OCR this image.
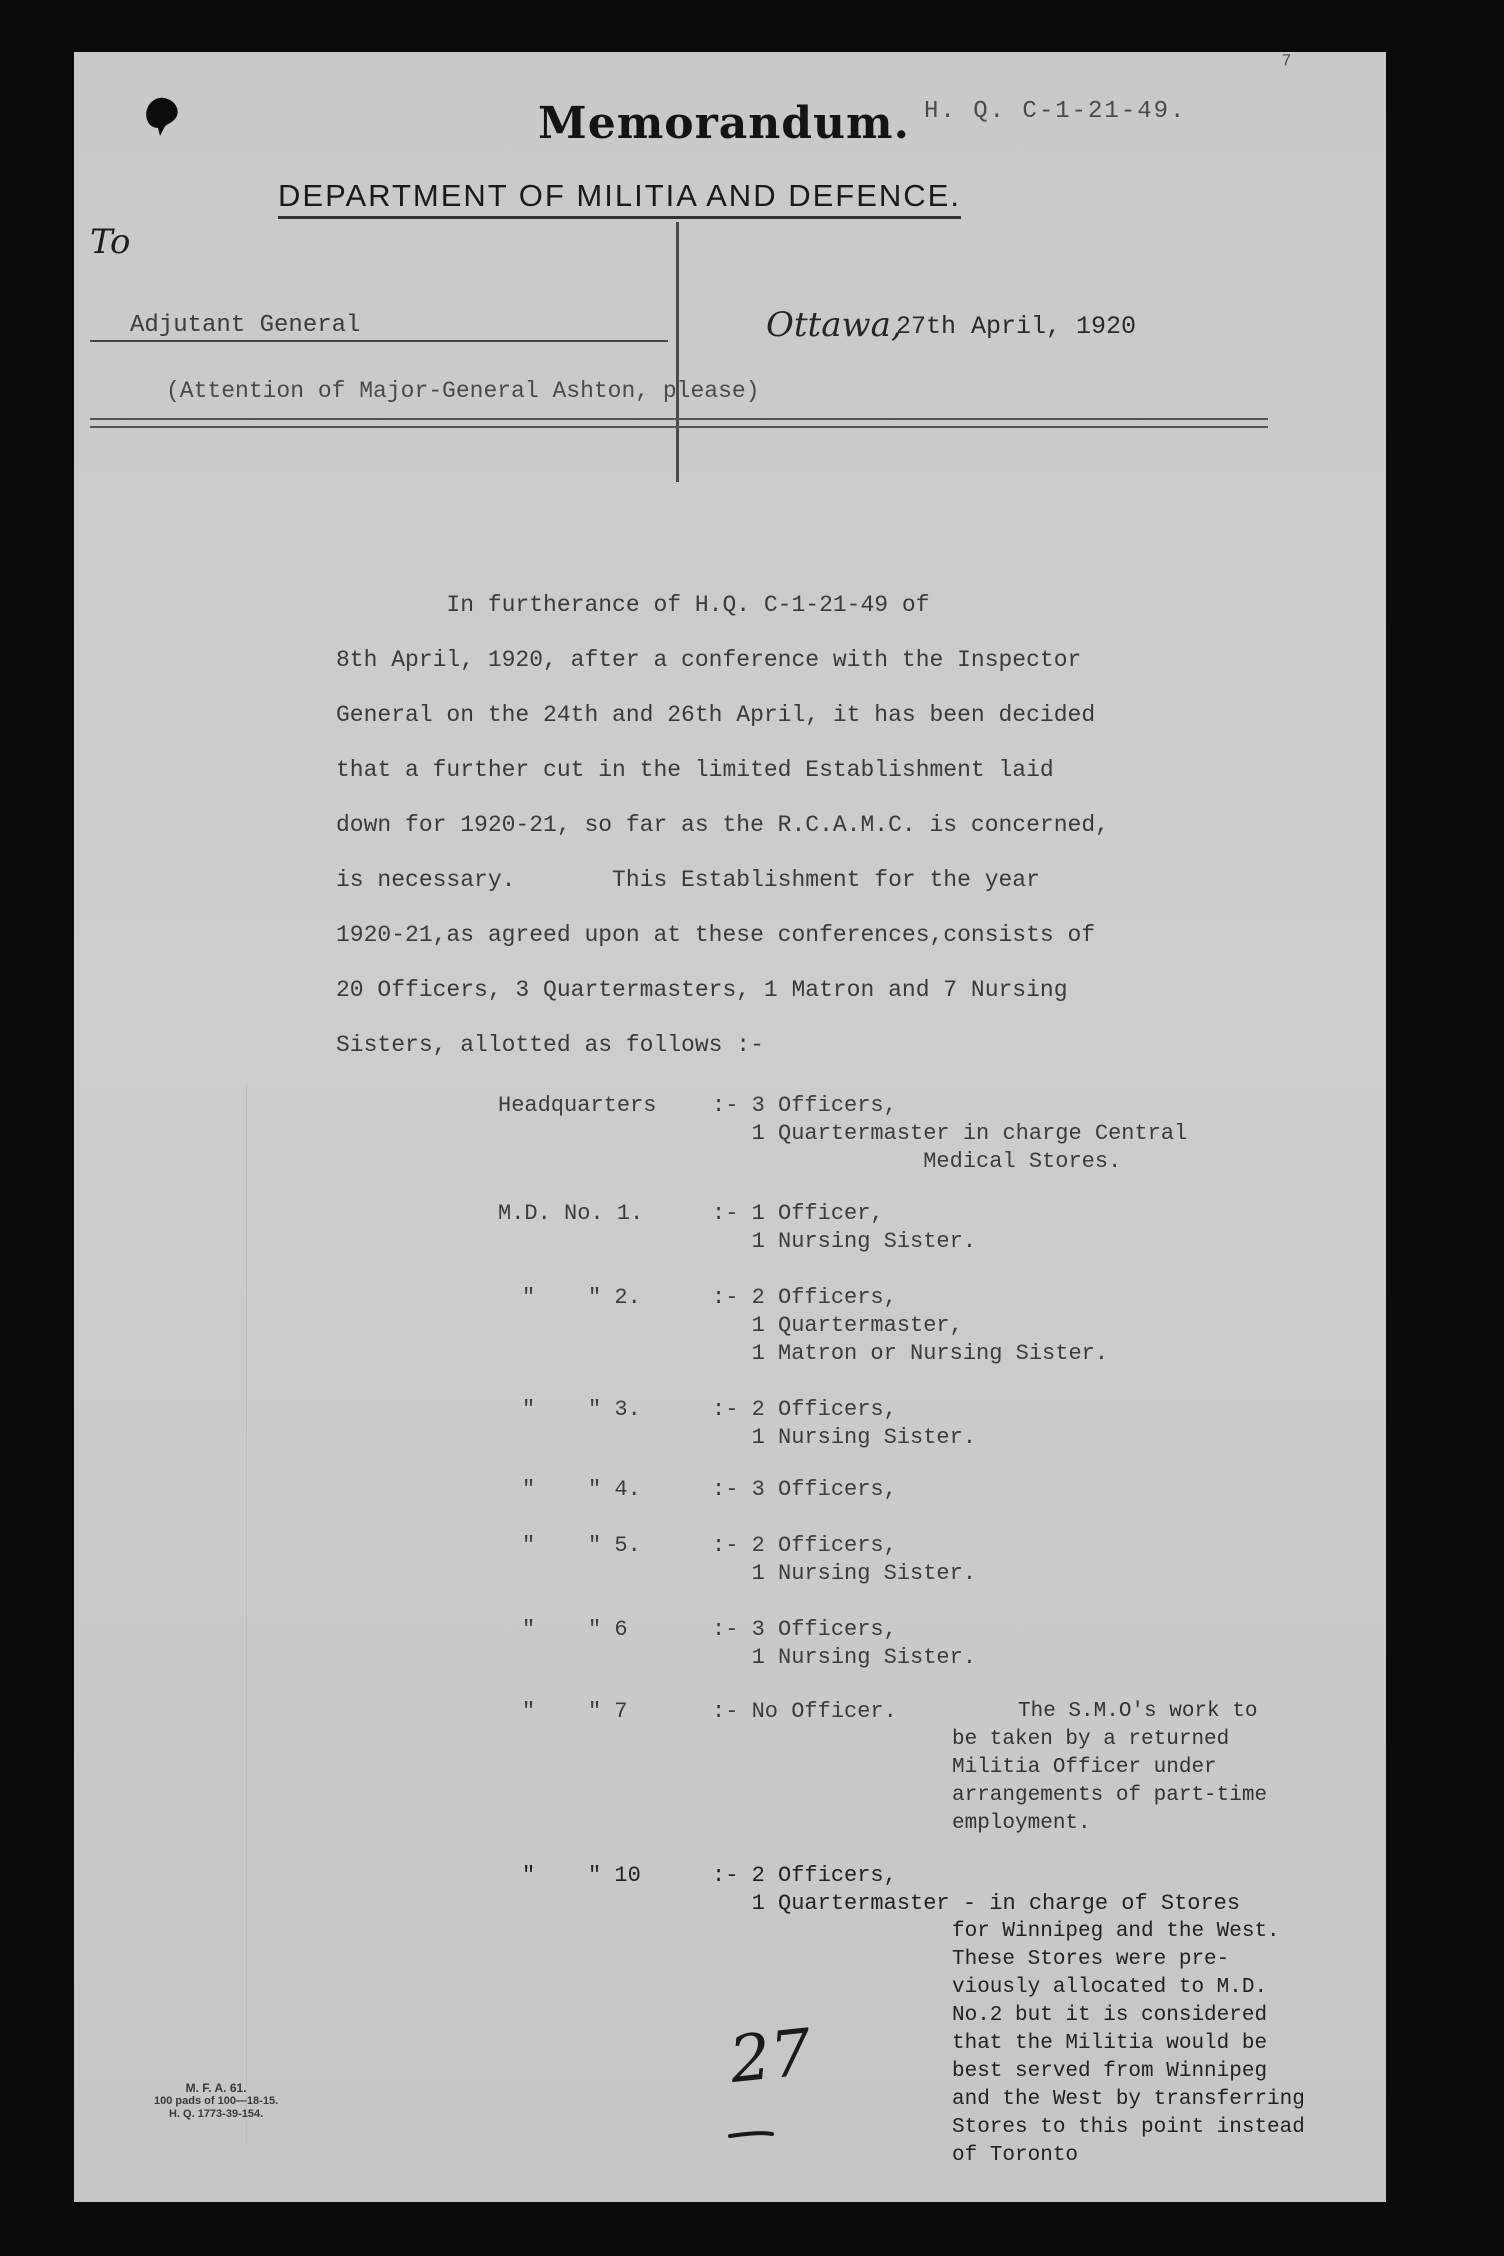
Memorandum. H. Q. C-1-21-49.
⁷
DEPARTMENT OF MILITIA AND DEFENCE.
To
Adjutant General	Ottawa,
27th April, 1920
(Attention of Major-General Ashton, please)

In furtherance of H.Q. C-1-21-49 of

8th April, 1920, after a conference with the Inspector

General on the 24th and 26th April, it has been decided

that a further cut in the limited Establishment laid

down for 1920-21, so far as the R.C.A.M.C. is concerned,

is necessary.       This Establishment for the year

1920-21,as agreed upon at these conferences,consists of

20 Officers, 3 Quartermasters, 1 Matron and 7 Nursing

Sisters, allotted as follows :-

Headquarters	:- 3 Officers,
1 Quartermaster in charge Central
Medical Stores.
M.D. No. 1.	:- 1 Officer,
1 Nursing Sister.
"    " 2.	:- 2 Officers,
1 Quartermaster,
1 Matron or Nursing Sister.
"    " 3.	:- 2 Officers,
1 Nursing Sister.
"    " 4.	:- 3 Officers,
"    " 5.	:- 2 Officers,
1 Nursing Sister.
"    " 6	:- 3 Officers,
1 Nursing Sister.
"    " 7	:- No Officer.	The S.M.O's work to
be taken by a returned
Militia Officer under
arrangements of part-time
employment.
"    " 10	:- 2 Officers,
1 Quartermaster - in charge of Stores
for Winnipeg and the West.
These Stores were pre-
viously allocated to M.D.
No.2 but it is considered
that the Militia would be
best served from Winnipeg
and the West by transferring
Stores to this point instead
of Toronto
M. F. A. 61.
100 pads of 100—18-15.
H. Q. 1773-39-154.
27
